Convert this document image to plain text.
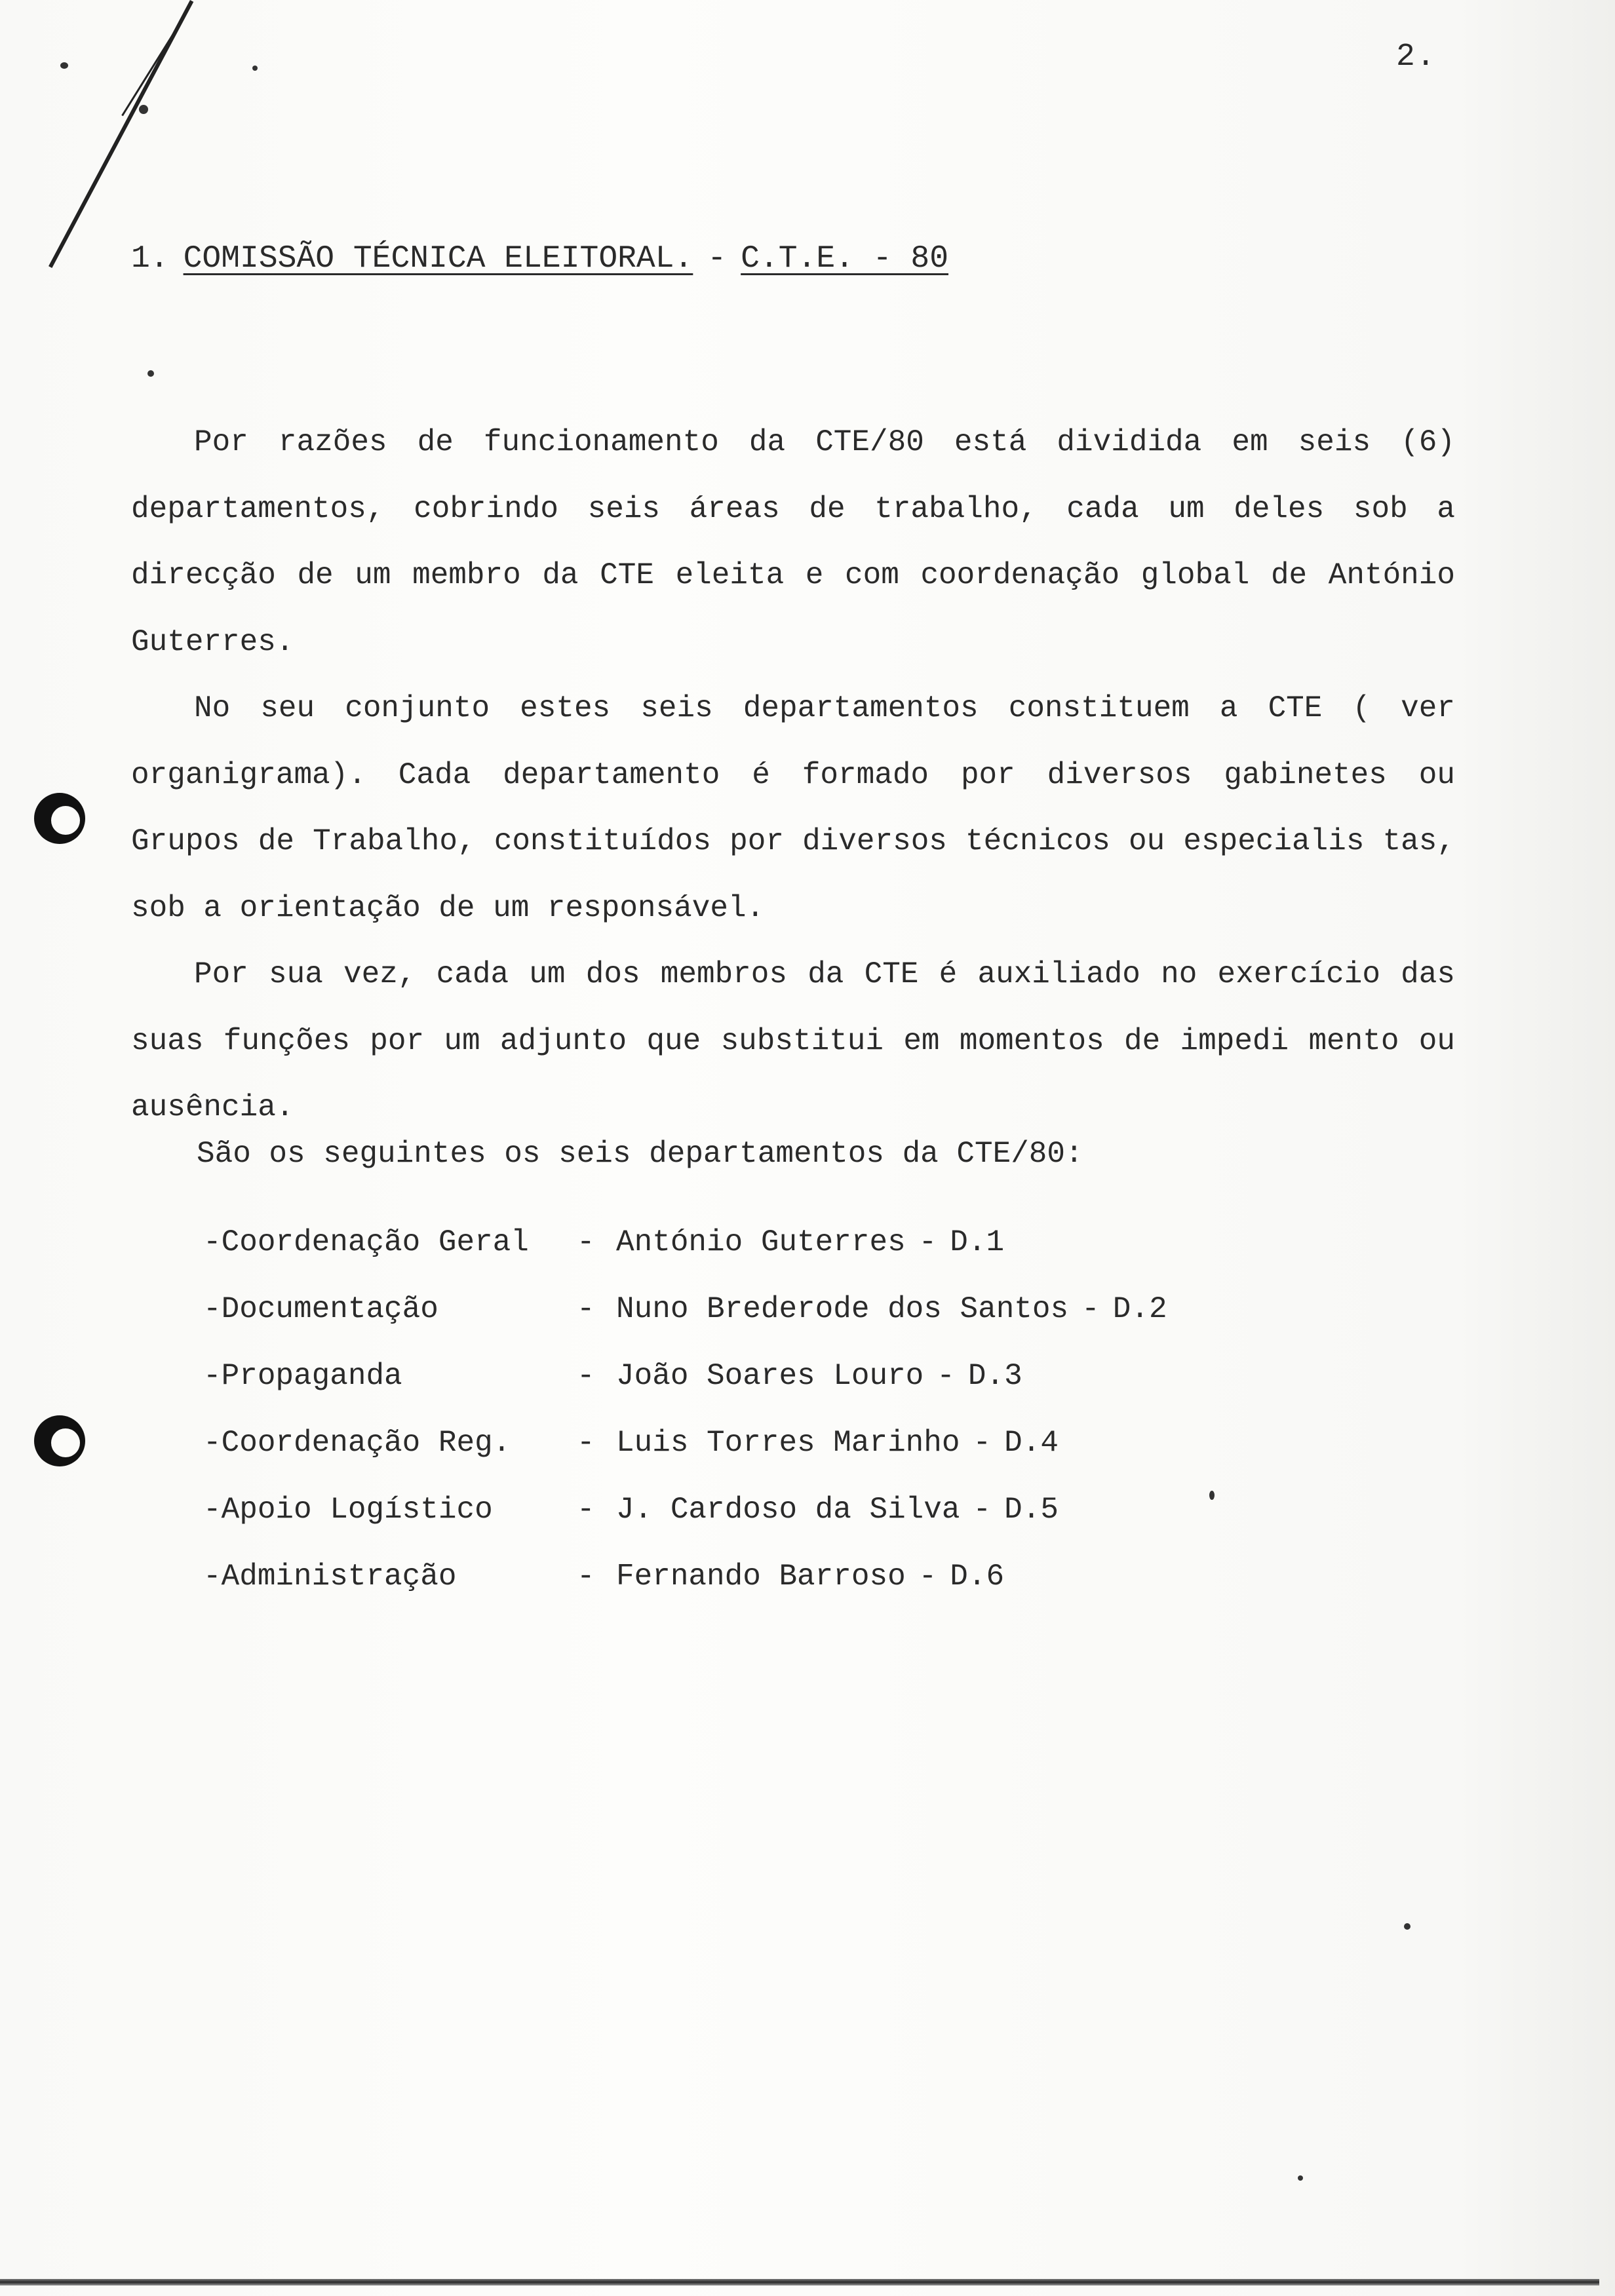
2.
1. COMISSÃO TÉCNICA ELEITORAL. - C.T.E. - 80

Por razões de funcionamento da CTE/80 está dividida em seis (6) departamentos, cobrindo seis áreas de trabalho, cada um deles sob a direcção de um membro da CTE eleita e com coordenação global de António Guterres.

No seu conjunto estes seis departamentos constituem a CTE ( ver organigrama). Cada departamento é formado por diversos gabinetes ou Grupos de Trabalho, constituídos por diversos técnicos ou especialis tas, sob a orientação de um responsável.

Por sua vez, cada um dos membros da CTE é auxiliado no exercício das suas funções por um adjunto que substitui em momentos de impedi mento ou ausência.

São os seguintes os seis departamentos da CTE/80:
-Coordenação Geral - António Guterres - D.1
-Documentação	- Nuno Brederode dos Santos - D.2
-Propaganda	- João Soares Louro - D.3
-Coordenação Reg. - Luis Torres Marinho - D.4
-Apoio Logístico	- J. Cardoso da Silva - D.5
-Administração	- Fernando Barroso - D.6
